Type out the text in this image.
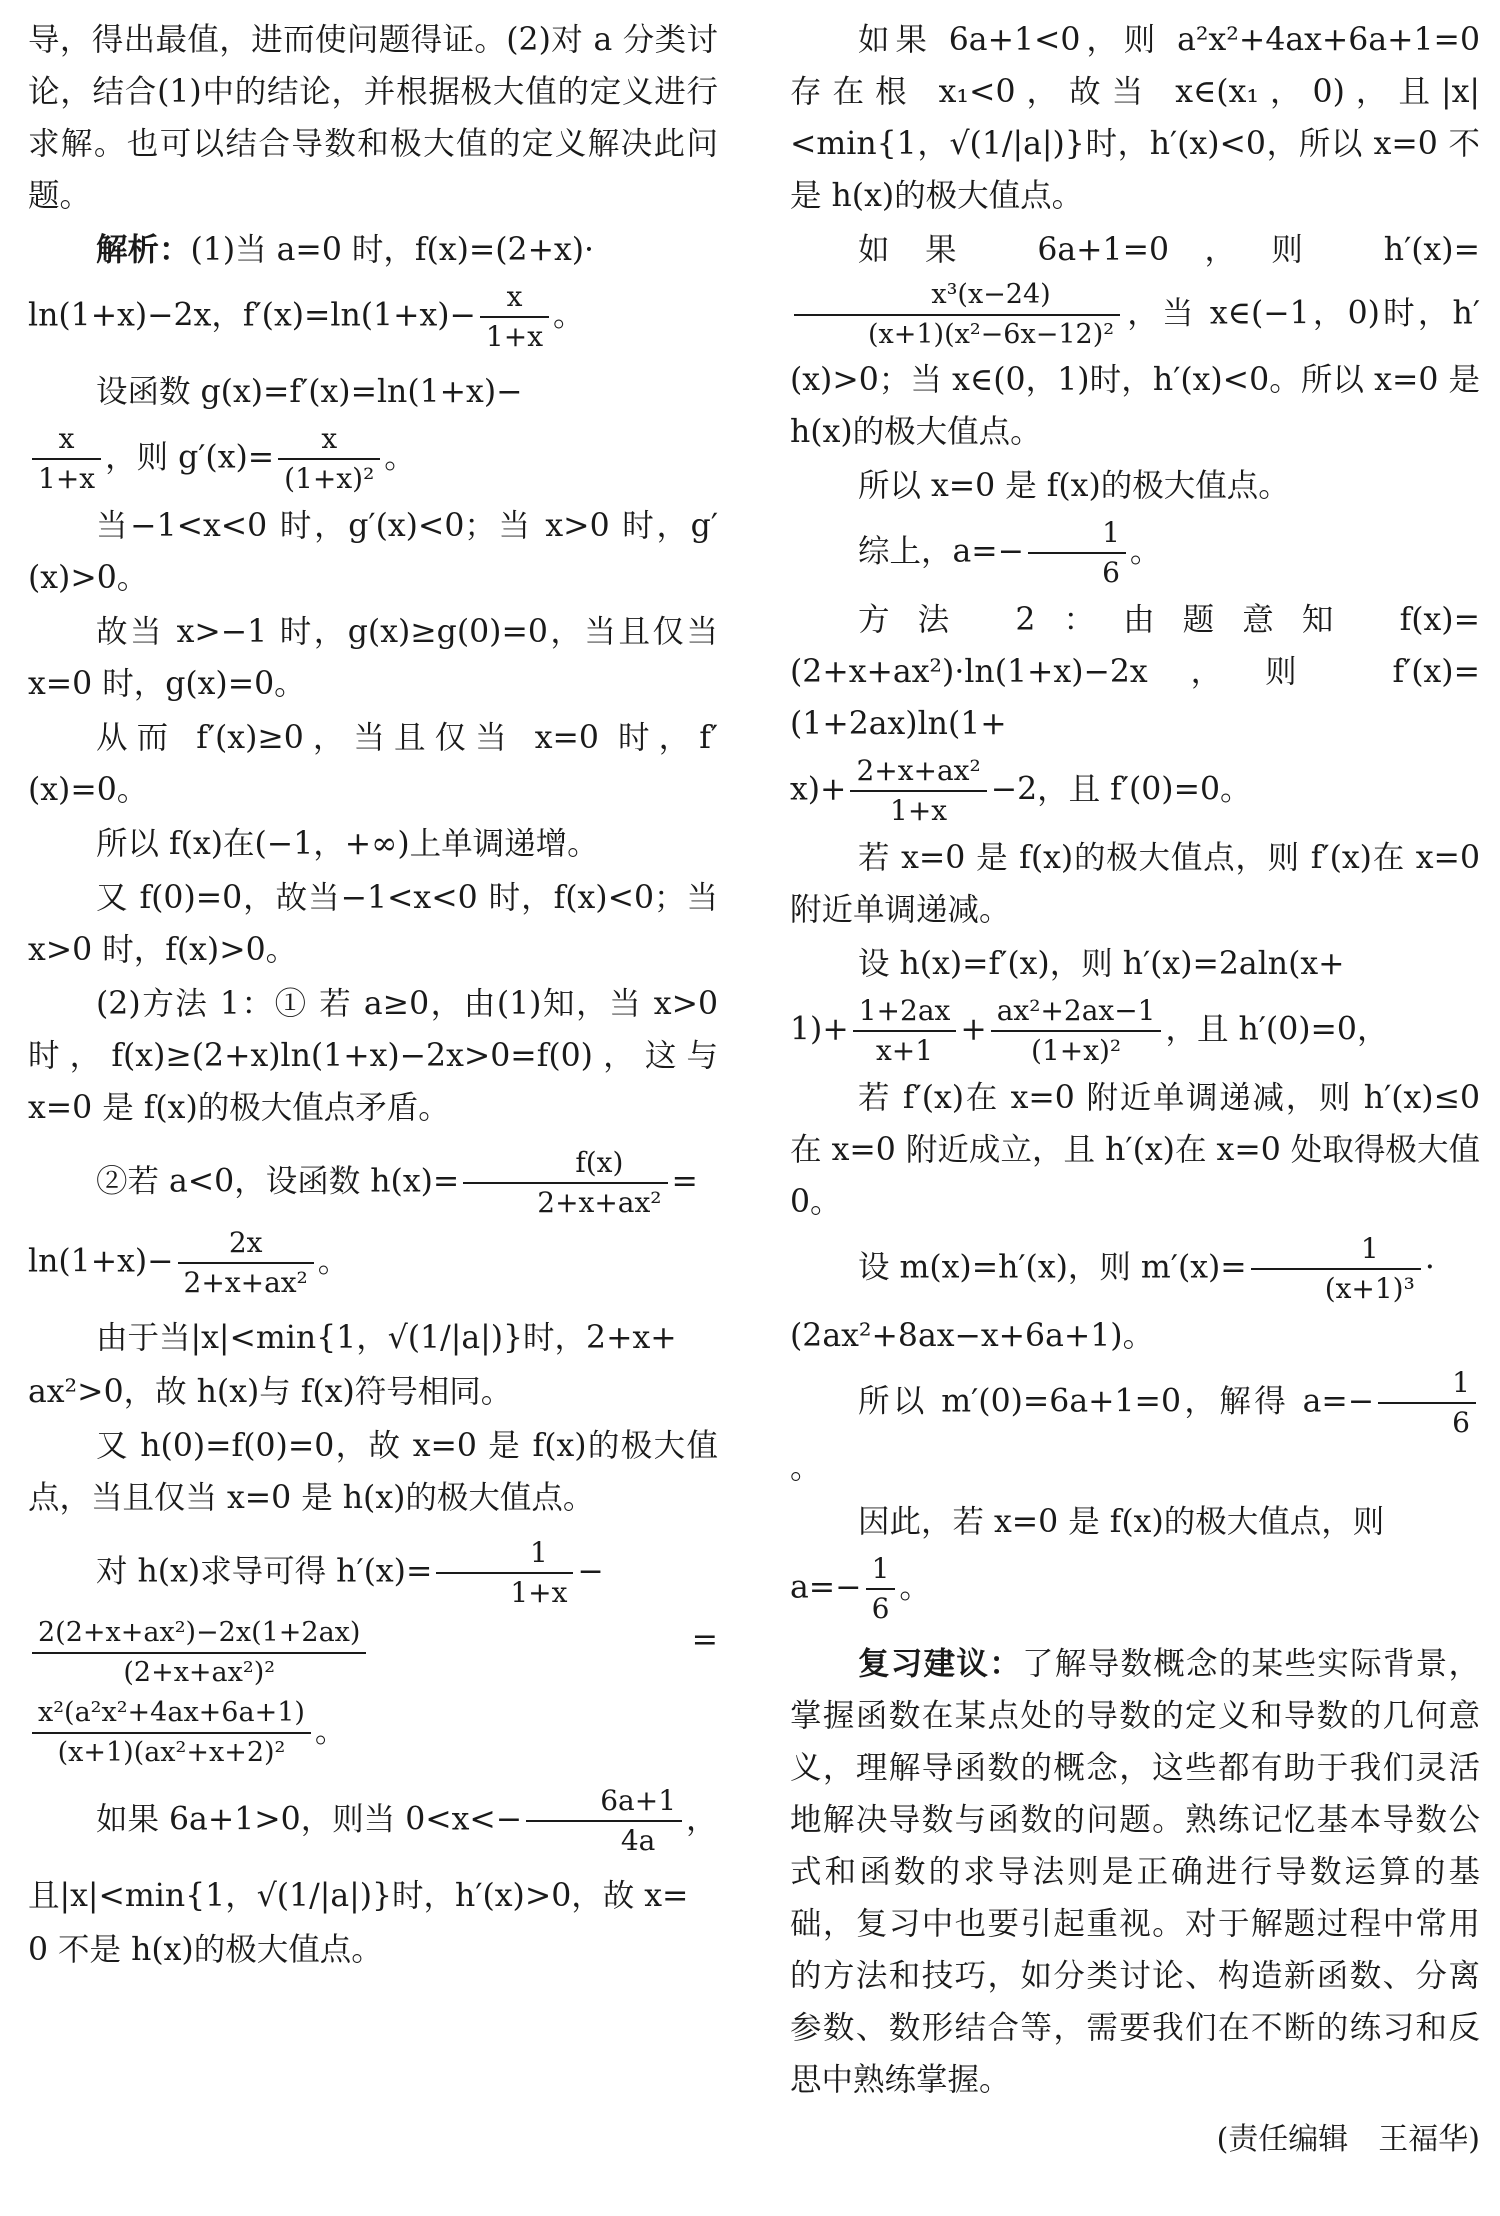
导，得出最值，进而使问题得证。(2)对 a 分类讨论，结合(1)中的结论，并根据极大值的定义进行求解。也可以结合导数和极大值的定义解决此问题。

解析：(1)当 a=0 时，f(x)=(2+x)·

ln(1+x)−2x，$f'(x)=\ln(1+x)- \frac{x}{1+x}$ 。

设函数 g(x)=f′(x)=ln(1+x)−

$\frac{x}{1+x}$ ，则 $g'(x)= \frac{x}{\text{(1+x)²}}$ 。

当−1<x<0 时，g′(x)<0；当 x>0 时，g′(x)>0。

故当 x>−1 时，g(x)≥g(0)=0，当且仅当 x=0 时，g(x)=0。

从而 f′(x)≥0，当且仅当 x=0 时，f′(x)=0。

所以 f(x)在(−1，+∞)上单调递增。

又 f(0)=0，故当−1<x<0 时，f(x)<0；当 x>0 时，f(x)>0。

(2)方法 1：① 若 a≥0，由(1)知，当 x>0 时，f(x)≥(2+x)ln(1+x)−2x>0=f(0)，这与 x=0 是 f(x)的极大值点矛盾。

②若 a<0，设函数 $h(x)= \frac{f(x)}{\text{2+x+ax²}}$ =

$\ln(1+x)- \frac{2x}{\text{2+x+ax²}}$ 。

由于当|x|<min{1，√(1/|a|)}时，2+x+

ax²>0，故 h(x)与 f(x)符号相同。

又 h(0)=f(0)=0，故 x=0 是 f(x)的极大值点，当且仅当 x=0 是 h(x)的极大值点。

对 h(x)求导可得 $h'(x)= \frac{1}{1+x}$ −

$\frac{\text{2(2+x+ax²)−2x(1+2ax)}}{\text{(2+x+ax²)²}}$	=

$\frac{\text{x²(a²x²+4ax+6a+1)}}{\text{(x+1)(ax²+x+2)²}}$ 。

如果 6a+1>0，则当 $0<x<- \frac{6a+1}{4a}$ ，

且|x|<min{1，√(1/|a|)}时，h′(x)>0，故 x=

0 不是 h(x)的极大值点。

如果 6a+1<0，则 a²x²+4ax+6a+1=0 存在根 x₁<0，故当 x∈(x₁，0)，且|x|<min{1，√(1/|a|)}时，h′(x)<0，所以 x=0 不是 h(x)的极大值点。

如果 6a+1=0，则 h′(x)=
$\frac{\text{x³(x−24)}}{\text{(x+1)(x²−6x−12)²}}$ ，当 x∈(−1，0)时，h′(x)>0；当 x∈(0，1)时，h′(x)<0。所以 x=0 是 h(x)的极大值点。

所以 x=0 是 f(x)的极大值点。

综上，$a=- \frac{1}{6}$ 。

方法 2：由题意知 f(x)=(2+x+ax²)·ln(1+x)−2x，则 f′(x)=(1+2ax)ln(1+

$x)+ \frac{\text{2+x+ax²}}{1+x} -2$，且 f′(0)=0。

若 x=0 是 f(x)的极大值点，则 f′(x)在 x=0 附近单调递减。

设 h(x)=f′(x)，则 h′(x)=2aln(x+

$1)+ \frac{1+2ax}{x+1} + \frac{\text{ax²+2ax−1}}{\text{(1+x)²}}$ ，且 h′(0)=0，

若 f′(x)在 x=0 附近单调递减，则 h′(x)≤0 在 x=0 附近成立，且 h′(x)在 x=0 处取得极大值 0。

设 m(x)=h′(x)，则 $m'(x)= \frac{1}{\text{(x+1)³}}$ ·

(2ax²+8ax−x+6a+1)。

所以 m′(0)=6a+1=0，解得 $a=- \frac{1}{6}$
。

因此，若 x=0 是 f(x)的极大值点，则

$a=- \frac{1}{6}$ 。

复习建议：了解导数概念的某些实际背景，掌握函数在某点处的导数的定义和导数的几何意义，理解导函数的概念，这些都有助于我们灵活地解决导数与函数的问题。熟练记忆基本导数公式和函数的求导法则是正确进行导数运算的基础，复习中也要引起重视。对于解题过程中常用的方法和技巧，如分类讨论、构造新函数、分离参数、数形结合等，需要我们在不断的练习和反思中熟练掌握。

(责任编辑　王福华)
